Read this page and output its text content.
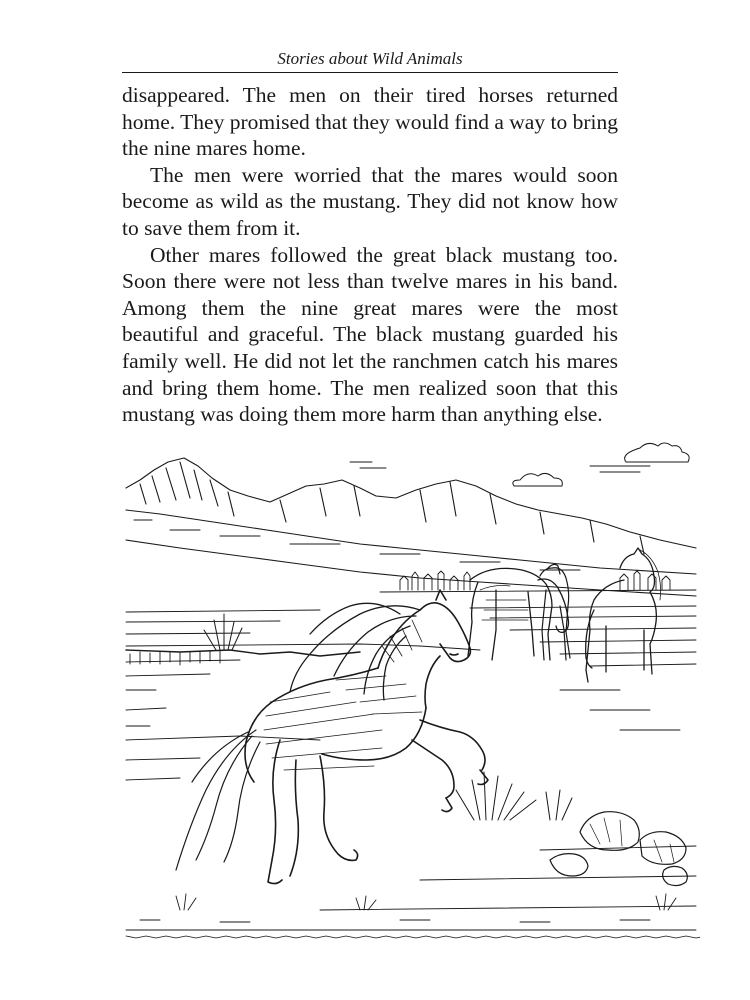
Stories about Wild Animals

disappeared. The men on their tired horses returned home. They promised that they would find a way to bring the nine mares home.

The men were worried that the mares would soon become as wild as the mustang. They did not know how to save them from it.

Other mares followed the great black mustang too. Soon there were not less than twelve mares in his band. Among them the nine great mares were the most beautiful and graceful. The black mustang guarded his family well. He did not let the ranchmen catch his mares and bring them home. The men realized soon that this mustang was doing them more harm than anything else.
